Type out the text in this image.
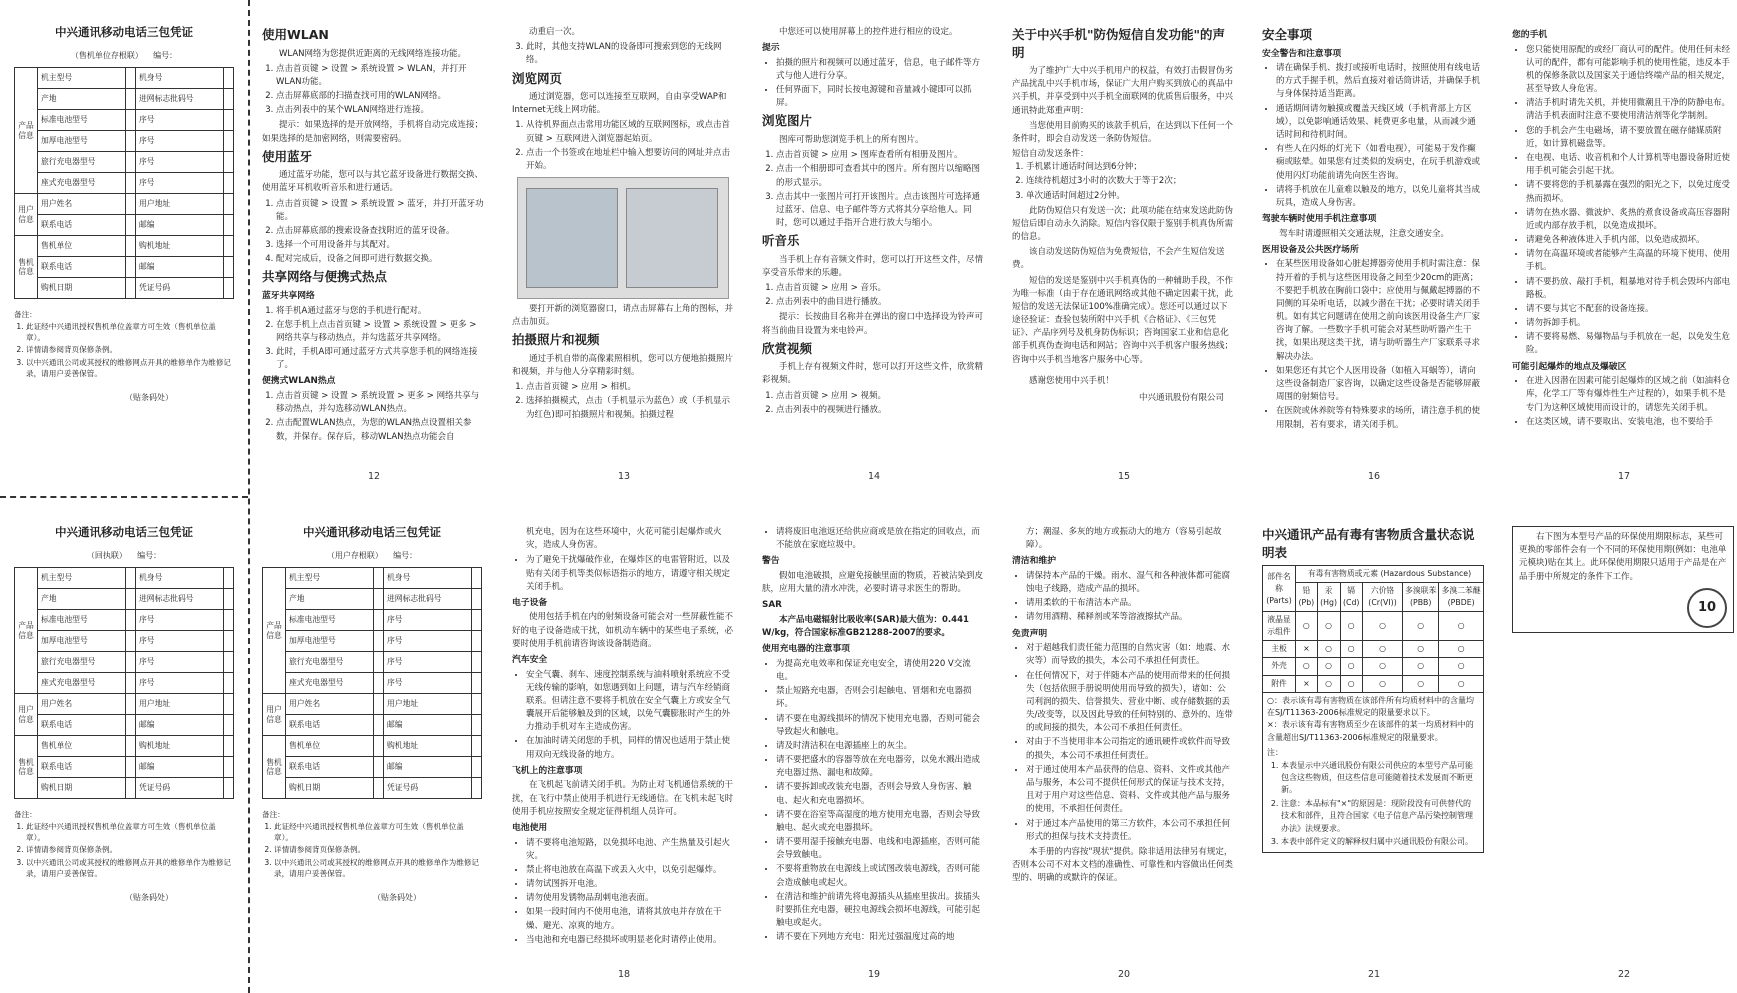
中兴通讯移动电话三包凭证
（售机单位存根联） 编号：
产品信息	机主型号		机身号	
	产地		进网标志批码号	
	标准电池型号		序号	
	加厚电池型号		序号	
	旅行充电器型号		序号	
	座式充电器型号		序号	
用户信息	用户姓名		用户地址	
	联系电话		邮编	
售机信息	售机单位		购机地址	
	联系电话		邮编	
	购机日期		凭证号码	
备注：
1. 此证经中兴通讯授权售机单位盖章方可生效（售机单位盖章）。
2. 详情请参阅背页保修条例。
3. 以中兴通讯公司或其授权的维修网点开具的维修单作为维修记录，请用户妥善保管。
（贴条码处）
中兴通讯移动电话三包凭证
（回执联） 编号：
产品信息	机主型号		机身号	
	产地		进网标志批码号	
	标准电池型号		序号	
	加厚电池型号		序号	
	旅行充电器型号		序号	
	座式充电器型号		序号	
用户信息	用户姓名		用户地址	
	联系电话		邮编	
售机信息	售机单位		购机地址	
	联系电话		邮编	
	购机日期		凭证号码	
备注：
1. 此证经中兴通讯授权售机单位盖章方可生效（售机单位盖章）。
2. 详情请参阅背页保修条例。
3. 以中兴通讯公司或其授权的维修网点开具的维修单作为维修记录，请用户妥善保管。
（贴条码处）
中兴通讯移动电话三包凭证
（用户存根联） 编号：
产品信息	机主型号		机身号	
	产地		进网标志批码号	
	标准电池型号		序号	
	加厚电池型号		序号	
	旅行充电器型号		序号	
	座式充电器型号		序号	
用户信息	用户姓名		用户地址	
	联系电话		邮编	
售机信息	售机单位		购机地址	
	联系电话		邮编	
	购机日期		凭证号码	
备注：
1. 此证经中兴通讯授权售机单位盖章方可生效（售机单位盖章）。
2. 详情请参阅背页保修条例。
3. 以中兴通讯公司或其授权的维修网点开具的维修单作为维修记录，请用户妥善保管。
（贴条码处）
使用WLAN

WLAN网络为您提供近距离的无线网络连接功能。

1. 点击首页键 > 设置 > 系统设置 > WLAN，并打开WLAN功能。
2. 点击屏幕底部的扫描查找可用的WLAN网络。
3. 点击列表中的某个WLAN网络进行连接。

提示：如果选择的是开放网络，手机将自动完成连接；如果选择的是加密网络，则需要密码。

使用蓝牙

通过蓝牙功能，您可以与其它蓝牙设备进行数据交换、使用蓝牙耳机收听音乐和进行通话。

1. 点击首页键 > 设置 > 系统设置 > 蓝牙，并打开蓝牙功能。
2. 点击屏幕底部的搜索设备查找附近的蓝牙设备。
3. 选择一个可用设备并与其配对。
4. 配对完成后，设备之间即可进行数据交换。
共享网络与便携式热点
蓝牙共享网络
1. 将手机A通过蓝牙与您的手机进行配对。
2. 在您手机上点击首页键 > 设置 > 系统设置 > 更多 > 网络共享与移动热点，并勾选蓝牙共享网络。
3. 此时，手机A即可通过蓝牙方式共享您手机的网络连接了。
便携式WLAN热点
1. 点击首页键 > 设置 > 系统设置 > 更多 > 网络共享与移动热点，并勾选移动WLAN热点。
2. 点击配置WLAN热点，为您的WLAN热点设置相关参数，并保存。保存后，移动WLAN热点功能会自
12

动重启一次。

3. 此时，其他支持WLAN的设备即可搜索到您的无线网络。
浏览网页

通过浏览器，您可以连接至互联网，自由享受WAP和Internet无线上网功能。

1. 从待机界面点击常用功能区域的互联网图标，或点击首页键 > 互联网进入浏览器起始页。
2. 点击一个书签或在地址栏中输入想要访问的网址并点击开始。

要打开新的浏览器窗口，请点击屏幕右上角的图标，并点击加页。

拍摄照片和视频

通过手机自带的高像素照相机，您可以方便地拍摄照片和视频，并与他人分享精彩时刻。

1. 点击首页键 > 应用 > 相机。
2. 选择拍摄模式，点击（手机显示为蓝色）或（手机显示为红色)即可拍摄照片和视频。拍摄过程
13

中您还可以使用屏幕上的控件进行相应的设定。

提示
• 拍摄的照片和视频可以通过蓝牙，信息，电子邮件等方式与他人进行分享。
• 任何界面下，同时长按电源键和音量减小键即可以抓屏。
浏览图片

图库可帮助您浏览手机上的所有图片。

1. 点击首页键 > 应用 > 图库查看所有相册及图片。
2. 点击一个相册即可查看其中的图片。所有图片以缩略图的形式显示。
3. 点击其中一张图片可打开该图片。点击该图片可选择通过蓝牙、信息、电子邮件等方式将其分享给他人。同时，您可以通过手指开合进行放大与缩小。
听音乐

当手机上存有音频文件时，您可以打开这些文件，尽情享受音乐带来的乐趣。

1. 点击首页键 > 应用 > 音乐。
2. 点击列表中的曲目进行播放。

提示：长按曲目名称并在弹出的窗口中选择设为铃声可将当前曲目设置为来电铃声。

欣赏视频

手机上存有视频文件时，您可以打开这些文件，欣赏精彩视频。

1. 点击首页键 > 应用 > 视频。
2. 点击列表中的视频进行播放。
14
关于中兴手机"防伪短信自发功能"的声明

为了维护广大中兴手机用户的权益，有效打击假冒伪劣产品扰乱中兴手机市场，保证广大用户购买到放心的真品中兴手机，并享受到中兴手机全面联网的优质售后服务，中兴通讯特此郑重声明：

当您使用目前购买的该款手机后，在达到以下任何一个条件时，即会自动发送一条防伪短信。

短信自动发送条件：
1. 手机累计通话时间达到6分钟；
2. 连续待机超过3小时的次数大于等于2次；
3. 单次通话时间超过2分钟。

此防伪短信只有发送一次；此项功能在结束发送此防伪短信后即自动永久消除。短信内容仅限于鉴别手机真伪所需的信息。

该自动发送防伪短信为免费短信，不会产生短信发送费。

短信的发送是鉴别中兴手机真伪的一种辅助手段，不作为唯一标准（由于存在通讯网络或其他不确定因素干扰，此短信的发送无法保证100%准确完成）。您还可以通过以下途径验证：查验包装所附中兴手机《合格证》、《三包凭证》、产品序列号及机身防伪标识；咨询国家工业和信息化部手机真伪查询电话和网站；咨询中兴手机客户服务热线；咨询中兴手机当地客户服务中心等。

感谢您使用中兴手机！

中兴通讯股份有限公司
15
安全事项
安全警告和注意事项
• 请在确保手机、拨打或接听电话时，按照使用有线电话的方式手握手机，然后直接对着话筒讲话，并确保手机与身体保持适当距离。
• 通话期间请勿触摸或覆盖天线区域（手机背部上方区域），以免影响通话效果、耗费更多电量，从而减少通话时间和待机时间。
• 有些人在闪烁的灯光下（如看电视），可能易于发作癫痫或眩晕。如果您有过类似的发病史，在玩手机游戏或使用闪灯功能前请先向医生咨询。
• 请将手机放在儿童难以触及的地方，以免儿童将其当成玩具，造成人身伤害。
驾驶车辆时使用手机注意事项

驾车时请遵照相关交通法规，注意交通安全。

医用设备及公共医疗场所
• 在某些医用设备如心脏起搏器旁使用手机时需注意：保持开着的手机与这些医用设备之间至少20cm的距离；不要把手机放在胸前口袋中；应使用与佩戴起搏器的不同侧的耳朵听电话，以减少潜在干扰；必要时请关闭手机。如有其它问题请在使用之前向该医用设备生产厂家咨询了解。一些数字手机可能会对某些助听器产生干扰，如果出现这类干扰，请与助听器生产厂家联系寻求解决办法。
• 如果您还有其它个人医用设备（如植入耳蜗等），请向这些设备制造厂家咨询，以确定这些设备是否能够屏蔽周围的射频信号。
• 在医院或休养院等有特殊要求的场所，请注意手机的使用限制，若有要求，请关闭手机。
16
您的手机
• 您只能使用原配的或经厂商认可的配件。使用任何未经认可的配件，都有可能影响手机的使用性能，违反本手机的保修条款以及国家关于通信终端产品的相关规定，甚至导致人身危害。
• 清洁手机时请先关机，并使用微潮且干净的防静电布。清洁手机表面时注意不要使用清洁剂等化学制剂。
• 您的手机会产生电磁场，请不要放置在磁存储媒质附近，如计算机磁盘等。
• 在电视、电话、收音机和个人计算机等电器设备附近使用手机可能会引起干扰。
• 请不要将您的手机暴露在强烈的阳光之下，以免过度受热而损坏。
• 请勿在热水器、微波炉、炙热的煮食设备或高压容器附近或内部存放手机，以免造成损坏。
• 请避免各种液体进入手机内部，以免造成损坏。
• 请勿在高温环境或者能够产生高温的环境下使用、使用手机。
• 请不要扔放、敲打手机，粗暴地对待手机会毁坏内部电路板。
• 请不要与其它不配套的设备连接。
• 请勿拆卸手机。
• 请不要将易燃、易爆物品与手机放在一起，以免发生危险。
可能引起爆炸的地点及爆破区
• 在进入因潜在因素可能引起爆炸的区域之前（如油料仓库，化学工厂等有爆炸性生产过程的），如果手机不是专门为这种区域使用而设计的，请您先关闭手机。
• 在这类区域，请不要取出、安装电池，也不要给手
17

机充电，因为在这些环境中，火花可能引起爆炸或火灾，造成人身伤害。

• 为了避免干扰爆破作业，在爆炸区的电雷管附近，以及贴有关闭手机等类似标语指示的地方，请遵守相关规定关闭手机。
电子设备

使用包括手机在内的射频设备可能会对一些屏蔽性能不好的电子设备造成干扰，如机动车辆中的某些电子系统，必要时使用手机前请咨询该设备制造商。

汽车安全
• 安全气囊、刹车、速度控制系统与油料喷射系统应不受无线传输的影响，如您遇到如上问题，请与汽车经销商联系。但请注意不要将手机放在安全气囊上方或安全气囊展开后能够触及到的区域，以免气囊膨胀时产生的外力推动手机对车主造成伤害。
• 在加油时请关闭您的手机，同样的情况也适用于禁止使用双向无线设备的地方。
飞机上的注意事项

在飞机起飞前请关闭手机。为防止对飞机通信系统的干扰，在飞行中禁止使用手机进行无线通信。在飞机未起飞时使用手机应按照安全规定征得机组人员许可。

电池使用
• 请不要将电池短路，以免损坏电池、产生热量及引起火灾。
• 禁止将电池放在高温下或丢入火中，以免引起爆炸。
• 请勿试图拆开电池。
• 请勿使用发锈物品刮刺电池表面。
• 如果一段时间内不使用电池，请将其放电并存放在干燥、避光、凉爽的地方。
• 当电池和充电器已经损坏或明显老化时请停止使用。
18
• 请将废旧电池返还给供应商或是放在指定的回收点，而不能放在家庭垃圾中。
警告

假如电池破损，应避免接触里面的物质，若被沾染到皮肤，应用大量的清水冲洗，必要时请寻求医生的帮助。

SAR

本产品电磁辐射比吸收率(SAR)最大值为：0.441 W/kg，符合国家标准GB21288-2007的要求。

使用充电器的注意事项
• 为提高充电效率和保证充电安全，请使用220 V交流电。
• 禁止短路充电器，否则会引起触电、冒烟和充电器损坏。
• 请不要在电源线损坏的情况下使用充电器，否则可能会导致起火和触电。
• 请及时清洁积在电源插座上的灰尘。
• 请不要把盛水的容器等放在充电器旁，以免水溅出造成充电器过热、漏电和故障。
• 请不要拆卸或改装充电器，否则会导致人身伤害、触电、起火和充电器损坏。
• 请不要在浴室等高湿度的地方使用充电器，否则会导致触电、起火或充电器损坏。
• 请不要用湿手接触充电器、电线和电源插座，否则可能会导致触电。
• 不要将重物放在电源线上或试图改装电源线，否则可能会造成触电或起火。
• 在清洁和维护前请先将电源插头从插座里拔出。拔插头时要抓住充电器，硬拉电源线会损坏电源线，可能引起触电或起火。
• 请不要在下列地方充电：阳光过强温度过高的地
19

方；潮湿、多灰的地方或振动大的地方（容易引起故障）。

清洁和维护
• 请保持本产品的干燥。雨水、湿气和各种液体都可能腐蚀电子线路，造成产品的损坏。
• 请用柔软的干布清洁本产品。
• 请勿用酒精、稀释剂或苯等溶液擦拭产品。
免责声明
• 对于超越我们责任能力范围的自然灾害（如：地震、水灾等）而导致的损失，本公司不承担任何责任。
• 在任何情况下，对于伴随本产品的使用而带来的任何损失（包括依照手册说明使用而导致的损失），诸如：公司利润的损失、信誉损失、营业中断、或存储数据的丢失/改变等，以及因此导致的任何特别的、意外的、连带的或间接的损失，本公司不承担任何责任。
• 对由于不当使用非本公司指定的通讯硬件或软件而导致的损失，本公司不承担任何责任。
• 对于通过使用本产品获得的信息、资料、文件或其他产品与服务，本公司不提供任何形式的保证与技术支持，且对于用户对这些信息、资料、文件或其他产品与服务的使用，不承担任何责任。
• 对于通过本产品使用的第三方软件，本公司不承担任何形式的担保与技术支持责任。

本手册的内容按"现状"提供。除非适用法律另有规定，否则本公司不对本文档的准确性、可靠性和内容做出任何类型的、明确的或默许的保证。

20
中兴通讯产品有毒有害物质含量状态说明表
部件名称(Parts)	有毒有害物质或元素 (Hazardous Substance)					
	铅(Pb)	汞(Hg)	镉(Cd)	六价铬(Cr(VI))	多溴联苯(PBB)	多溴二苯醚(PBDE)
液晶显示组件	○	○	○	○	○	○
主板	×	○	○	○	○	○
外壳	○	○	○	○	○	○
附件	×	○	○	○	○	○
○：表示该有毒有害物质在该部件所有均质材料中的含量均在SJ/T11363-2006标准规定的限量要求以下。
×：表示该有毒有害物质至少在该部件的某一均质材料中的含量超出SJ/T11363-2006标准规定的限量要求。
注：
1. 本表显示中兴通讯股份有限公司供应的本型号产品可能包含这些物质，但这些信息可能随着技术发展而不断更新。
2. 注意：本品标有"×"的原因是：现阶段没有可供替代的技术和部件，且符合国家《电子信息产品污染控制管理办法》法规要求。
3. 本表中部件定义的解释权归属中兴通讯股份有限公司。
21

右下图为本型号产品的环保使用期限标志，某些可更换的零部件会有一个不同的环保使用期(例如：电池单元模块)贴在其上。此环保使用期限只适用于产品是在产品手册中所规定的条件下工作。

10
22
